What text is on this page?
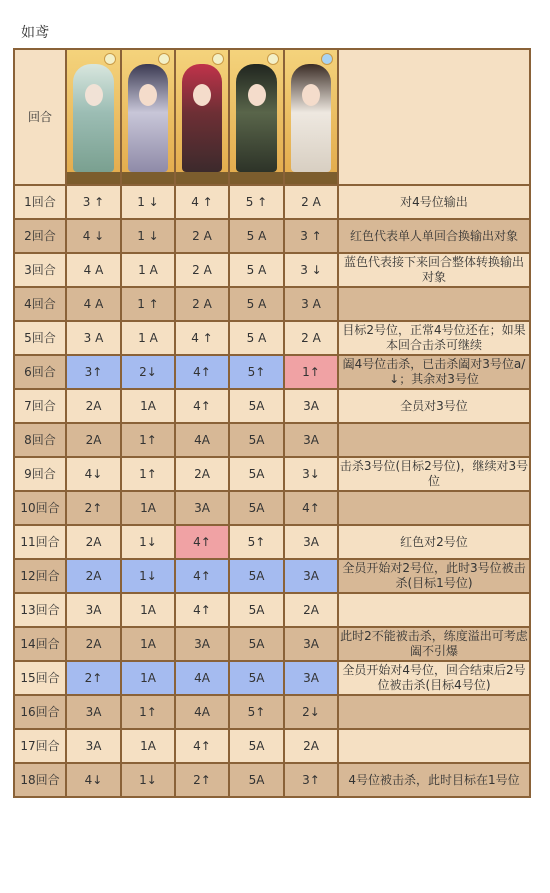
如鸢
回合	

1回合	3 ↑	1 ↓	4 ↑	5 ↑	2 A	对4号位输出
2回合	4 ↓	1 ↓	2 A	5 A	3 ↑	红色代表单人单回合换输出对象
3回合	4 A	1 A	2 A	5 A	3 ↓	蓝色代表接下来回合整体转换输出对象
4回合	4 A	1 ↑	2 A	5 A	3 A	
5回合	3 A	1 A	4 ↑	5 A	2 A	目标2号位，正常4号位还在；如果本回合击杀可继续
6回合	3↑	2↓	4↑	5↑	1↑	阖4号位击杀，已击杀阖对3号位a/↓；其余对3号位
7回合	2A	1A	4↑	5A	3A	全员对3号位
8回合	2A	1↑	4A	5A	3A	
9回合	4↓	1↑	2A	5A	3↓	击杀3号位(目标2号位)，继续对3号位
10回合	2↑	1A	3A	5A	4↑	
11回合	2A	1↓	4↑	5↑	3A	红色对2号位
12回合	2A	1↓	4↑	5A	3A	全员开始对2号位，此时3号位被击杀(目标1号位)
13回合	3A	1A	4↑	5A	2A	
14回合	2A	1A	3A	5A	3A	此时2不能被击杀，练度溢出可考虑阖不引爆
15回合	2↑	1A	4A	5A	3A	全员开始对4号位，回合结束后2号位被击杀(目标4号位)
16回合	3A	1↑	4A	5↑	2↓	
17回合	3A	1A	4↑	5A	2A	
18回合	4↓	1↓	2↑	5A	3↑	4号位被击杀，此时目标在1号位
